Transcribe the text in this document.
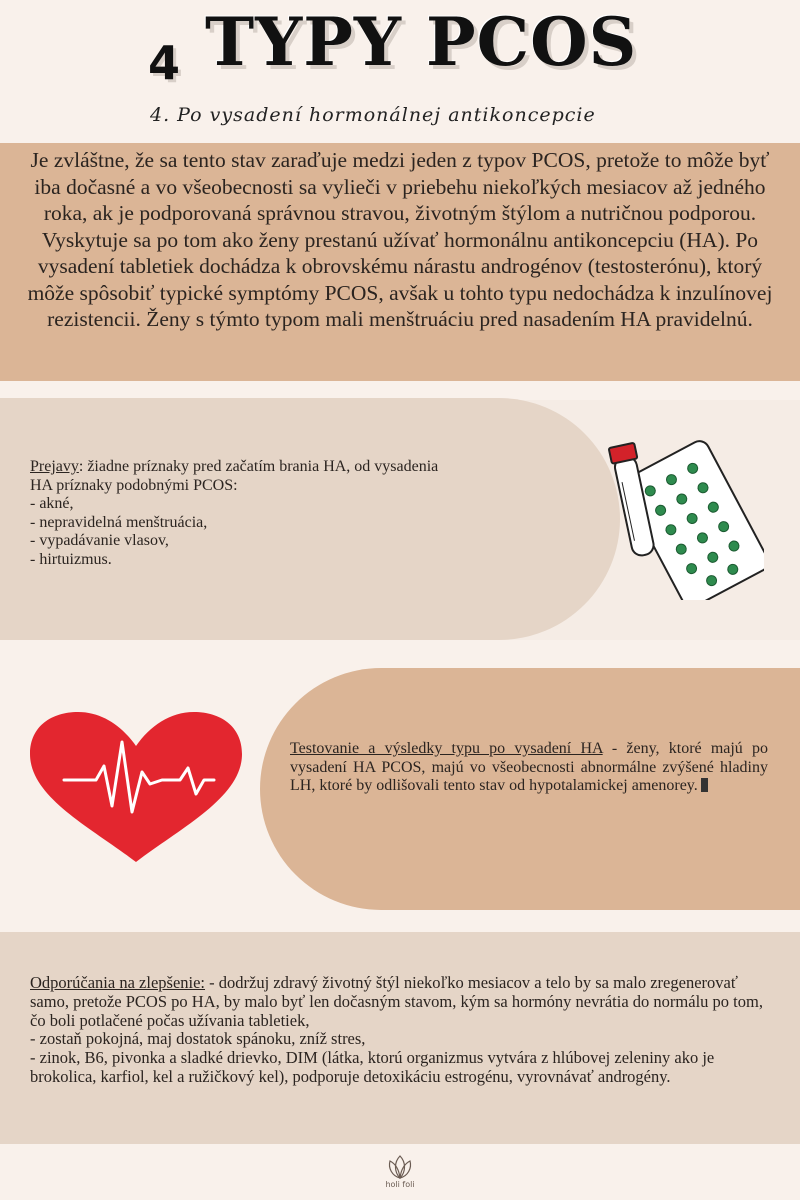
4 TYPY PCOS
4. Po vysadení hormonálnej antikoncepcie

Je zvláštne, že sa tento stav zaraďuje medzi jeden z typov PCOS, pretože to môže byť iba dočasné a vo všeobecnosti sa vylieči v priebehu niekoľkých mesiacov až jedného roka, ak je podporovaná správnou stravou, životným štýlom a nutričnou podporou. Vyskytuje sa po tom ako ženy prestanú užívať hormonálnu antikoncepciu (HA). Po vysadení tabletiek dochádza k obrovskému nárastu androgénov (testosterónu), ktorý môže spôsobiť typické symptómy PCOS, avšak u tohto typu nedochádza k inzulínovej rezistencii. Ženy s týmto typom mali menštruáciu pred nasadením HA pravidelnú.

Prejavy: žiadne príznaky pred začatím brania HA, od vysadenia HA príznaky podobnými PCOS:
- akné,
- nepravidelná menštruácia,
- vypadávanie vlasov,
- hirtuizmus.
Testovanie a výsledky typu po vysadení HA - ženy, ktoré majú po vysadení HA PCOS, majú vo všeobecnosti abnormálne zvýšené hladiny LH, ktoré by odlišovali tento stav od hypotalamickej amenorey.
Odporúčania na zlepšenie: - dodržuj zdravý životný štýl niekoľko mesiacov a telo by sa malo zregenerovať samo, pretože PCOS po HA, by malo byť len dočasným stavom, kým sa hormóny nevrátia do normálu po tom, čo boli potlačené počas užívania tabletiek,
- zostaň pokojná, maj dostatok spánoku, zníž stres,
- zinok, B6, pivonka a sladké drievko, DIM (látka, ktorú organizmus vytvára z hlúbovej zeleniny ako je brokolica, karfiol, kel a ružičkový kel), podporuje detoxikáciu estrogénu, vyrovnávať androgény.
holi foli
